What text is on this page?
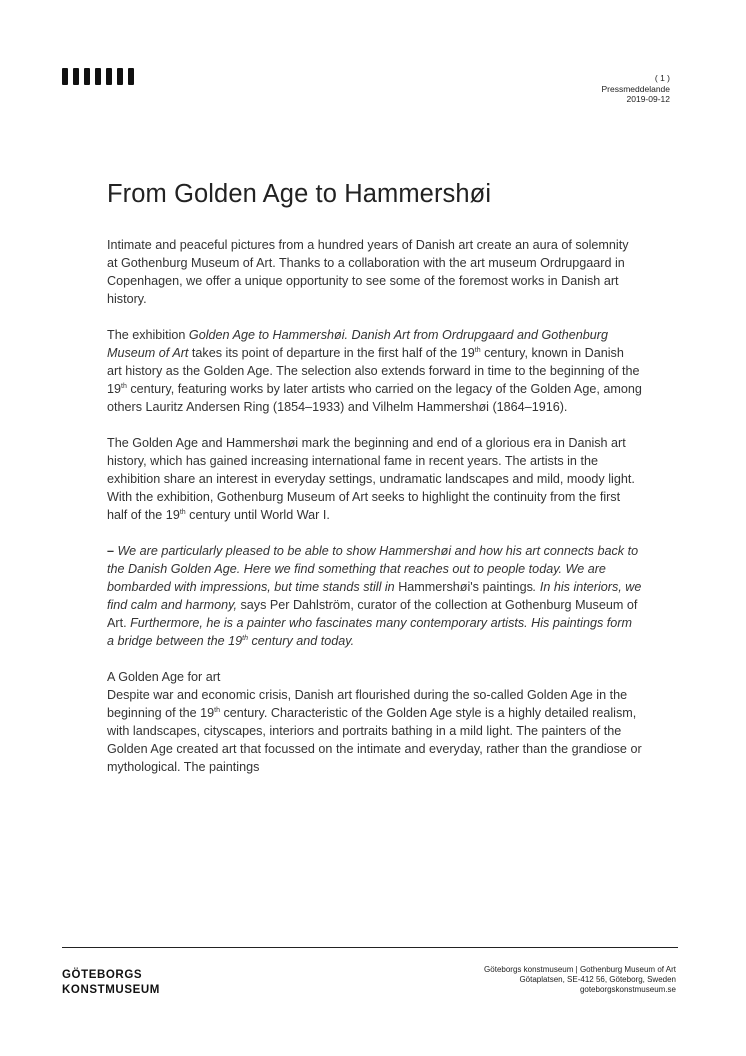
( 1 )
Pressmeddelande
2019-09-12
From Golden Age to Hammershøi

Intimate and peaceful pictures from a hundred years of Danish art create an aura of solemnity at Gothenburg Museum of Art. Thanks to a collaboration with the art museum Ordrupgaard in Copenhagen, we offer a unique opportunity to see some of the foremost works in Danish art history.

The exhibition Golden Age to Hammershøi. Danish Art from Ordrupgaard and Gothenburg Museum of Art takes its point of departure in the first half of the 19th century, known in Danish art history as the Golden Age. The selection also extends forward in time to the beginning of the 19th century, featuring works by later artists who carried on the legacy of the Golden Age, among others Lauritz Andersen Ring (1854–1933) and Vilhelm Hammershøi (1864–1916).

The Golden Age and Hammershøi mark the beginning and end of a glorious era in Danish art history, which has gained increasing international fame in recent years. The artists in the exhibition share an interest in everyday settings, undramatic landscapes and mild, moody light. With the exhibition, Gothenburg Museum of Art seeks to highlight the continuity from the first half of the 19th century until World War I.

– We are particularly pleased to be able to show Hammershøi and how his art connects back to the Danish Golden Age. Here we find something that reaches out to people today. We are bombarded with impressions, but time stands still in Hammershøi's paintings. In his interiors, we find calm and harmony, says Per Dahlström, curator of the collection at Gothenburg Museum of Art. Furthermore, he is a painter who fascinates many contemporary artists. His paintings form a bridge between the 19th century and today.

A Golden Age for art

Despite war and economic crisis, Danish art flourished during the so-called Golden Age in the beginning of the 19th century. Characteristic of the Golden Age style is a highly detailed realism, with landscapes, cityscapes, interiors and portraits bathing in a mild light. The painters of the Golden Age created art that focussed on the intimate and everyday, rather than the grandiose or mythological. The paintings

GÖTEBORGS
KONSTMUSEUM
Göteborgs konstmuseum | Gothenburg Museum of Art
Götaplatsen, SE-412 56, Göteborg, Sweden
goteborgskonstmuseum.se
